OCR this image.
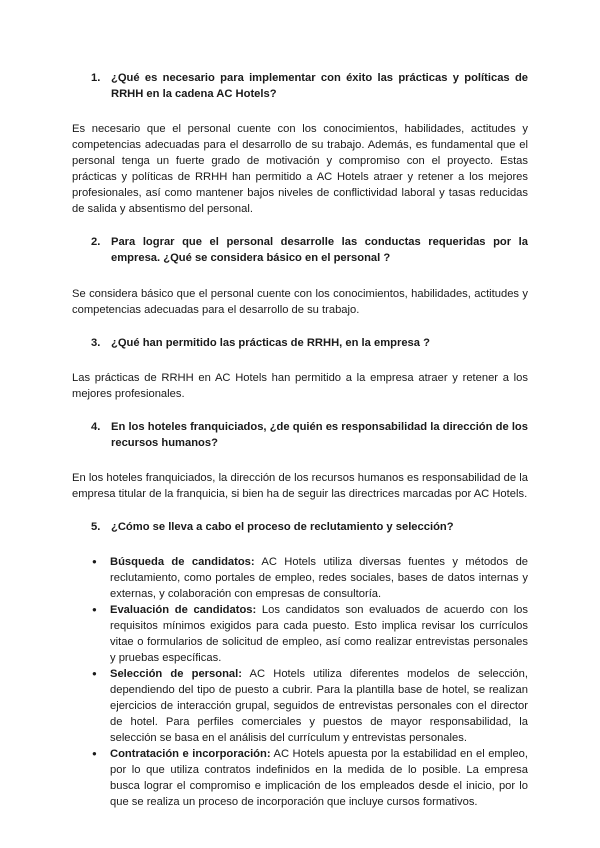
1. ¿Qué es necesario para implementar con éxito las prácticas y políticas de RRHH en la cadena AC Hotels?

Es necesario que el personal cuente con los conocimientos, habilidades, actitudes y competencias adecuadas para el desarrollo de su trabajo. Además, es fundamental que el personal tenga un fuerte grado de motivación y compromiso con el proyecto. Estas prácticas y políticas de RRHH han permitido a AC Hotels atraer y retener a los mejores profesionales, así como mantener bajos niveles de conflictividad laboral y tasas reducidas de salida y absentismo del personal.

2. Para lograr que el personal desarrolle las conductas requeridas por la empresa. ¿Qué se considera básico en el personal ?

Se considera básico que el personal cuente con los conocimientos, habilidades, actitudes y competencias adecuadas para el desarrollo de su trabajo.

3. ¿Qué han permitido las prácticas de RRHH, en la empresa ?

Las prácticas de RRHH en AC Hotels han permitido a la empresa atraer y retener a los mejores profesionales.

4. En los hoteles franquiciados, ¿de quién es responsabilidad la dirección de los recursos humanos?

En los hoteles franquiciados, la dirección de los recursos humanos es responsabilidad de la empresa titular de la franquicia, si bien ha de seguir las directrices marcadas por AC Hotels.

5. ¿Cómo se lleva a cabo el proceso de reclutamiento y selección?
●	Búsqueda de candidatos: AC Hotels utiliza diversas fuentes y métodos de reclutamiento, como portales de empleo, redes sociales, bases de datos internas y externas, y colaboración con empresas de consultoría.
●	Evaluación de candidatos: Los candidatos son evaluados de acuerdo con los requisitos mínimos exigidos para cada puesto. Esto implica revisar los currículos vitae o formularios de solicitud de empleo, así como realizar entrevistas personales y pruebas específicas.
●	Selección de personal: AC Hotels utiliza diferentes modelos de selección, dependiendo del tipo de puesto a cubrir. Para la plantilla base de hotel, se realizan ejercicios de interacción grupal, seguidos de entrevistas personales con el director de hotel. Para perfiles comerciales y puestos de mayor responsabilidad, la selección se basa en el análisis del currículum y entrevistas personales.
●	Contratación e incorporación: AC Hotels apuesta por la estabilidad en el empleo, por lo que utiliza contratos indefinidos en la medida de lo posible. La empresa busca lograr el compromiso e implicación de los empleados desde el inicio, por lo que se realiza un proceso de incorporación que incluye cursos formativos.
